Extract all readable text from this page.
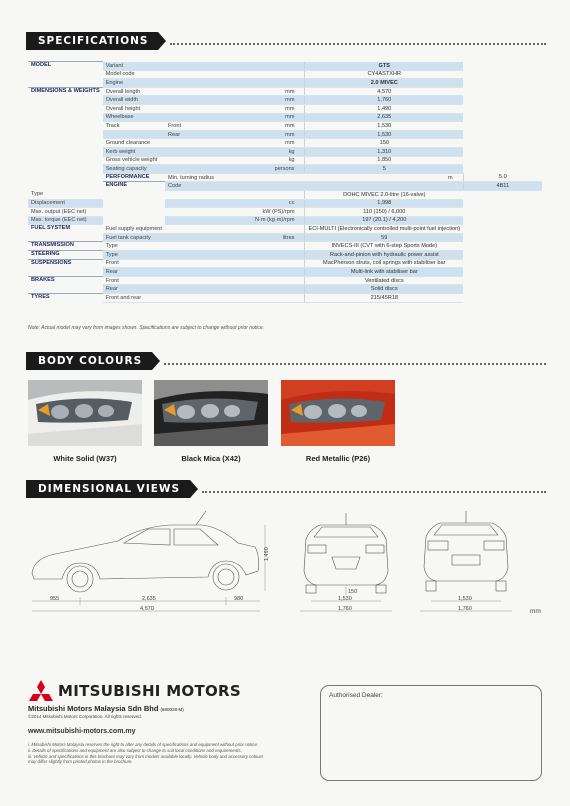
SPECIFICATIONS
MODEL	Variant			GTS	
	Model code			CY4ASTXHR	
	Engine			2.0 MIVEC	
DIMENSIONS & WEIGHTS	Overall length		mm	4,570	
	Overall width		mm	1,760	
	Overall height		mm	1,490	
	Wheelbase		mm	2,635	
	Track	Front	mm	1,530	
		Rear	mm	1,530	
	Ground clearance		mm	150	
	Kerb weight		kg	1,310	
	Gross vehicle weight		kg	1,850	
	Seating capacity		persons	5	
	PERFORMANCE	Min. turning radius		m	5.0
	ENGINE	Code			4B11
Type				DOHC MIVEC 2.0-litre (16-valve)	
Displacement			cc	1,998	
Max. output (EEC net)			kW (PS)/rpm	110 (150) / 6,000	
Max. torque (EEC net)			N·m (kg·m)/rpm	197 (20.1) / 4,200	
FUEL SYSTEM	Fuel supply equipment			ECI-MULTI (Electronically controlled multi-point fuel injection)	
	Fuel tank capacity		litres	59	
TRANSMISSION	Type			INVECS-III (CVT with 6-step Sports Mode)	
STEERING	Type			Rack-and-pinion with hydraulic power assist	
SUSPENSIONS	Front			MacPherson struts, coil springs with stabiliser bar	
	Rear			Multi-link with stabiliser bar	
BRAKES	Front			Ventilated discs	
	Rear			Solid discs	
TYRES	Front and rear			215/45R18	
Note: Actual model may vary from images shown. Specifications are subject to change without prior notice.
BODY COLOURS
White Solid (W37)	Black Mica (X42)	Red Metallic (P26)
DIMENSIONAL VIEWS
955	2,635	980
4,570
1,490
150
1,530
1,760
1,530
1,760	mm
MITSUBISHI MOTORS
Mitsubishi Motors Malaysia Sdn Bhd (680028-M)
©2014 Mitsubishi Motors Corporation. All rights reserved.
www.mitsubishi-motors.com.my
i. Mitsubishi Motors Malaysia reserves the right to alter any details of specifications and equipment without prior notice.
ii. Details of specifications and equipment are also subject to change to suit local conditions and requirements.
iii. Vehicle and specifications in this brochure may vary from models available locally. Vehicle body and accessory colours may differ slightly from printed photos in the brochure.
Authorised Dealer:
